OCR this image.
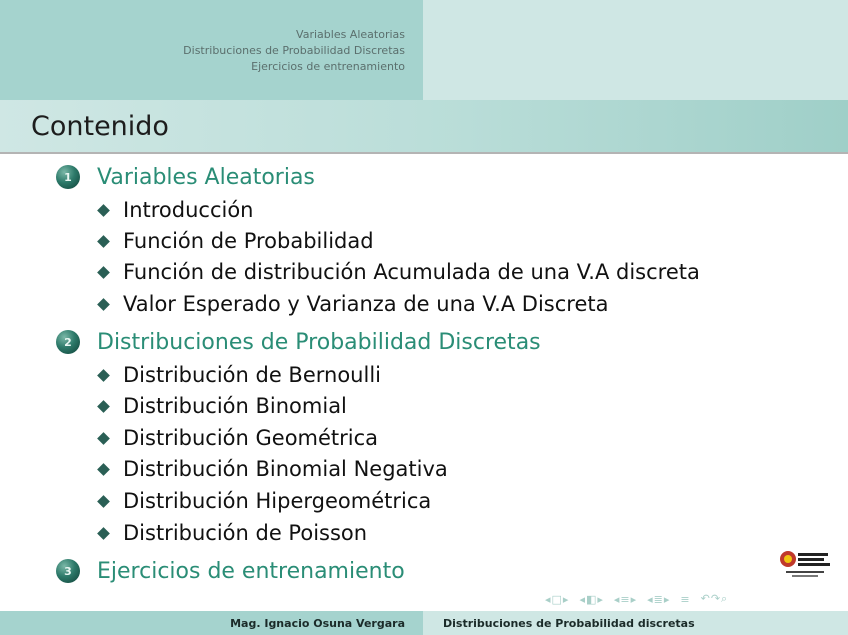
Variables Aleatorias
Distribuciones de Probabilidad Discretas
Ejercicios de entrenamiento
Contenido
1	Variables Aleatorias
Introducción
Función de Probabilidad
Función de distribución Acumulada de una V.A discreta
Valor Esperado y Varianza de una V.A Discreta
2	Distribuciones de Probabilidad Discretas
Distribución de Bernoulli
Distribución Binomial
Distribución Geométrica
Distribución Binomial Negativa
Distribución Hipergeométrica
Distribución de Poisson
3	Ejercicios de entrenamiento
◂□▸ ◂◧▸ ◂≡▸ ◂≣▸ ≡ ↶↷⌕
Mag. Ignacio Osuna Vergara	Distribuciones de Probabilidad discretas
